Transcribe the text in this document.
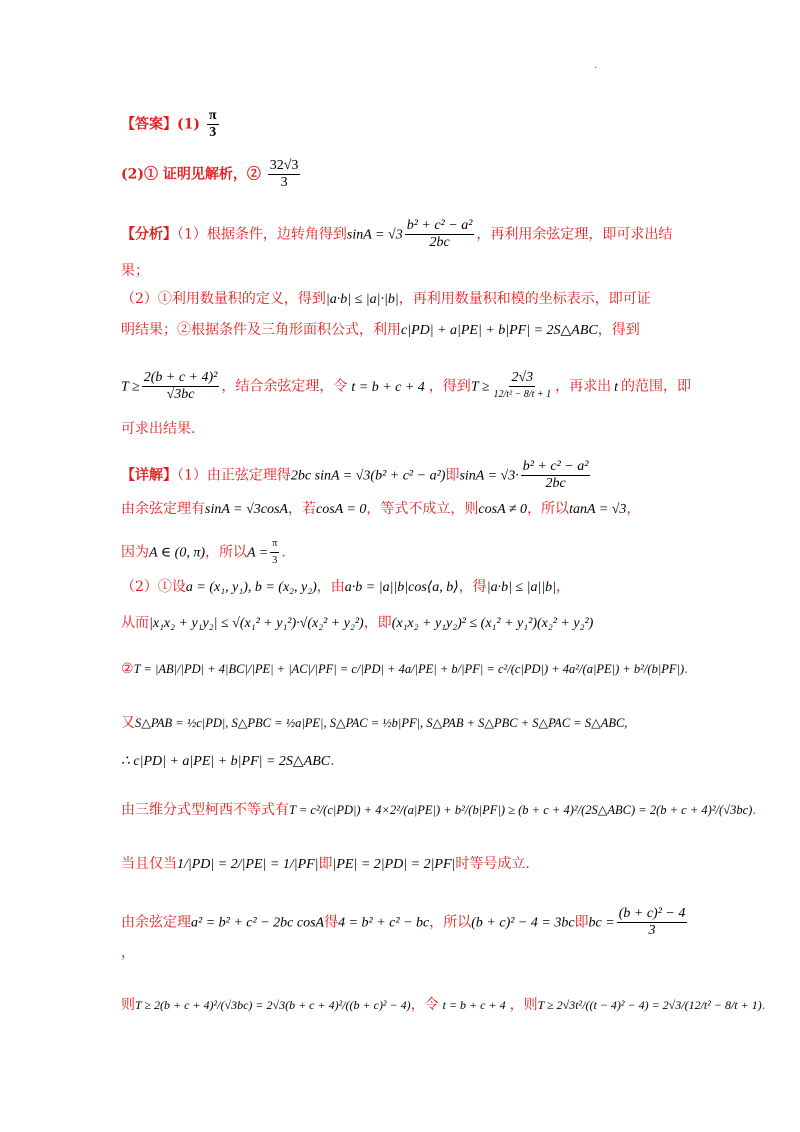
.
【答案】$(1) \frac{\pi}{3}$
(2)① 证明见解析，② $\frac{32√3}{3}$
【分析】（1）根据条件，边转角得到$\sin A = √3 \frac{\text{b² + c² − a²}}{2bc}$ ，再利用余弦定理，即可求出结
果；
（2）①利用数量积的定义，得到|a·b| ≤ |a|·|b|，再利用数量积和模的坐标表示，即可证
明结果；②根据条件及三角形面积公式，利用c|PD| + a|PE| + b|PF| = 2S△ABC，得到
$T \ge \frac{\text{2(b + c + 4)²}}{√3bc}$ ，结合余弦定理，令 t = b + c + 4 ，得到$T \ge \frac{2√3}{\text{12/t² − 8/t + 1}}$ ，再求出 t 的范围，即
可求出结果.
【详解】（1）由正弦定理得2bc sinA = √3(b² + c² − a²)即$\sin A = √3\cdot \frac{\text{b² + c² − a²}}{2bc}$
由余弦定理有sinA = √3cosA，若cosA = 0，等式不成立，则cosA ≠ 0，所以tanA = √3，
因为A ∈ (0, π)，所以$A = \frac{\pi}{3}$ .
（2）①设a = (x₁, y₁), b = (x₂, y₂)，由a·b = |a||b|cos⟨a, b⟩，得|a·b| ≤ |a||b|，
从而|x₁x₂ + y₁y₂| ≤ √(x₁² + y₁²)·√(x₂² + y₂²)，即(x₁x₂ + y₁y₂)² ≤ (x₁² + y₁²)(x₂² + y₂²)
②T = |AB|/|PD| + 4|BC|/|PE| + |AC|/|PF| = c/|PD| + 4a/|PE| + b/|PF| = c²/(c|PD|) + 4a²/(a|PE|) + b²/(b|PF|).
又S△PAB = ½c|PD|, S△PBC = ½a|PE|, S△PAC = ½b|PF|, S△PAB + S△PBC + S△PAC = S△ABC,
∴ c|PD| + a|PE| + b|PF| = 2S△ABC.
由三维分式型柯西不等式有T = c²/(c|PD|) + 4×2²/(a|PE|) + b²/(b|PF|) ≥ (b + c + 4)²/(2S△ABC) = 2(b + c + 4)²/(√3bc).
当且仅当1/|PD| = 2/|PE| = 1/|PF|即|PE| = 2|PD| = 2|PF|时等号成立.
由余弦定理a² = b² + c² − 2bc cosA得4 = b² + c² − bc，所以(b + c)² − 4 = 3bc即bc = $\frac{\text{(b + c)² − 4}}{3}$
，
则T ≥ 2(b + c + 4)²/(√3bc) = 2√3(b + c + 4)²/((b + c)² − 4)，令 t = b + c + 4 ，则T ≥ 2√3t²/((t − 4)² − 4) = 2√3/(12/t² − 8/t + 1).
